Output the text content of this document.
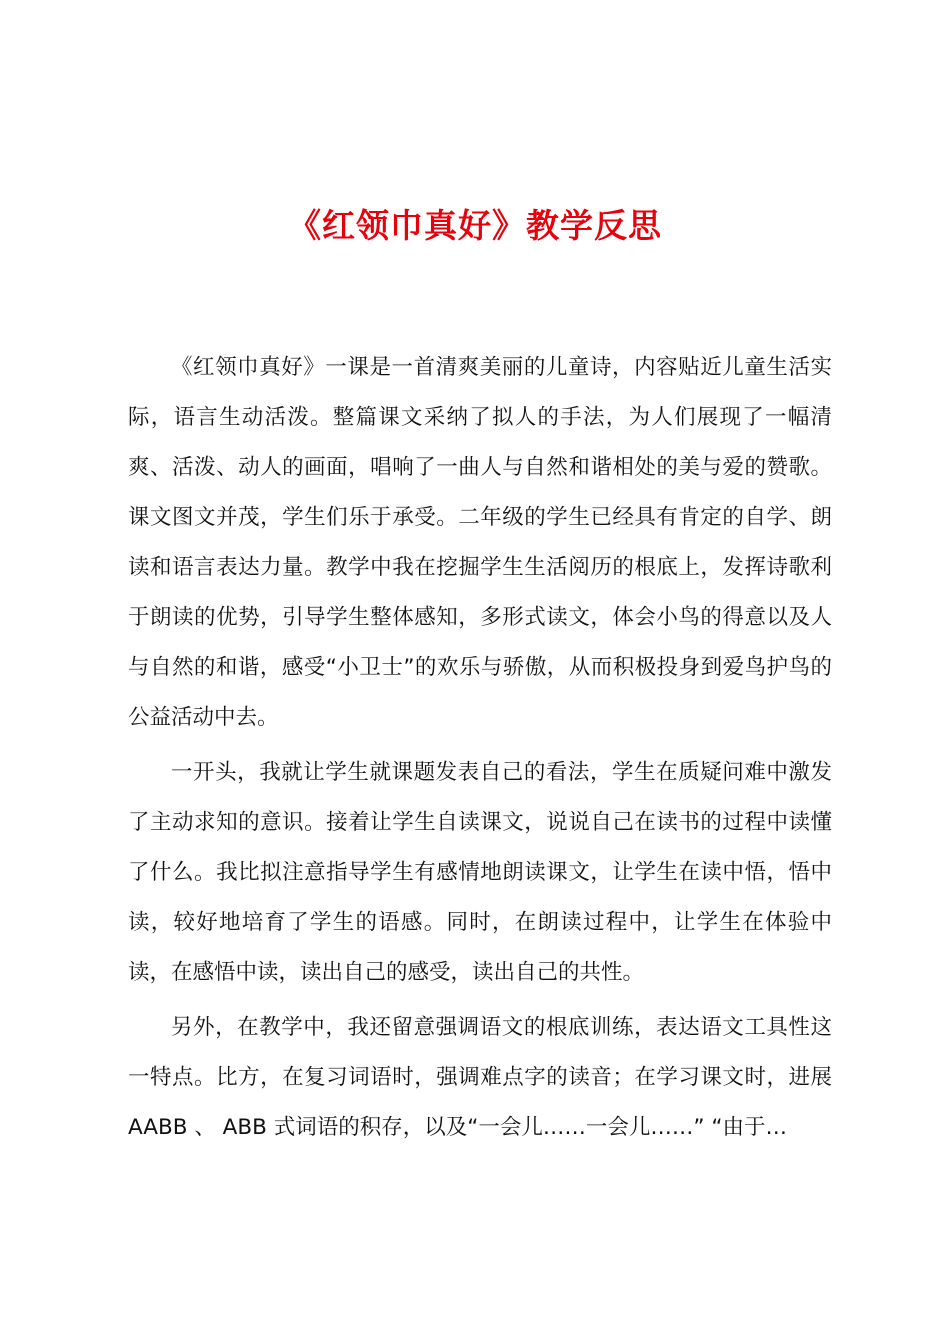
《红领巾真好》教学反思

《红领巾真好》一课是一首清爽美丽的儿童诗，内容贴近儿童生活实际，语言生动活泼。整篇课文采纳了拟人的手法，为人们展现了一幅清爽、活泼、动人的画面，唱响了一曲人与自然和谐相处的美与爱的赞歌。课文图文并茂，学生们乐于承受。二年级的学生已经具有肯定的自学、朗读和语言表达力量。教学中我在挖掘学生生活阅历的根底上，发挥诗歌利于朗读的优势，引导学生整体感知，多形式读文，体会小鸟的得意以及人与自然的和谐，感受“小卫士”的欢乐与骄傲，从而积极投身到爱鸟护鸟的公益活动中去。

一开头，我就让学生就课题发表自己的看法，学生在质疑问难中激发了主动求知的意识。接着让学生自读课文，说说自己在读书的过程中读懂了什么。我比拟注意指导学生有感情地朗读课文，让学生在读中悟，悟中读，较好地培育了学生的语感。同时，在朗读过程中，让学生在体验中读，在感悟中读，读出自己的感受，读出自己的共性。

另外，在教学中，我还留意强调语文的根底训练，表达语文工具性这一特点。比方，在复习词语时，强调难点字的读音；在学习课文时，进展 AABB 、 ABB 式词语的积存，以及“一会儿……一会儿……” “由于…
